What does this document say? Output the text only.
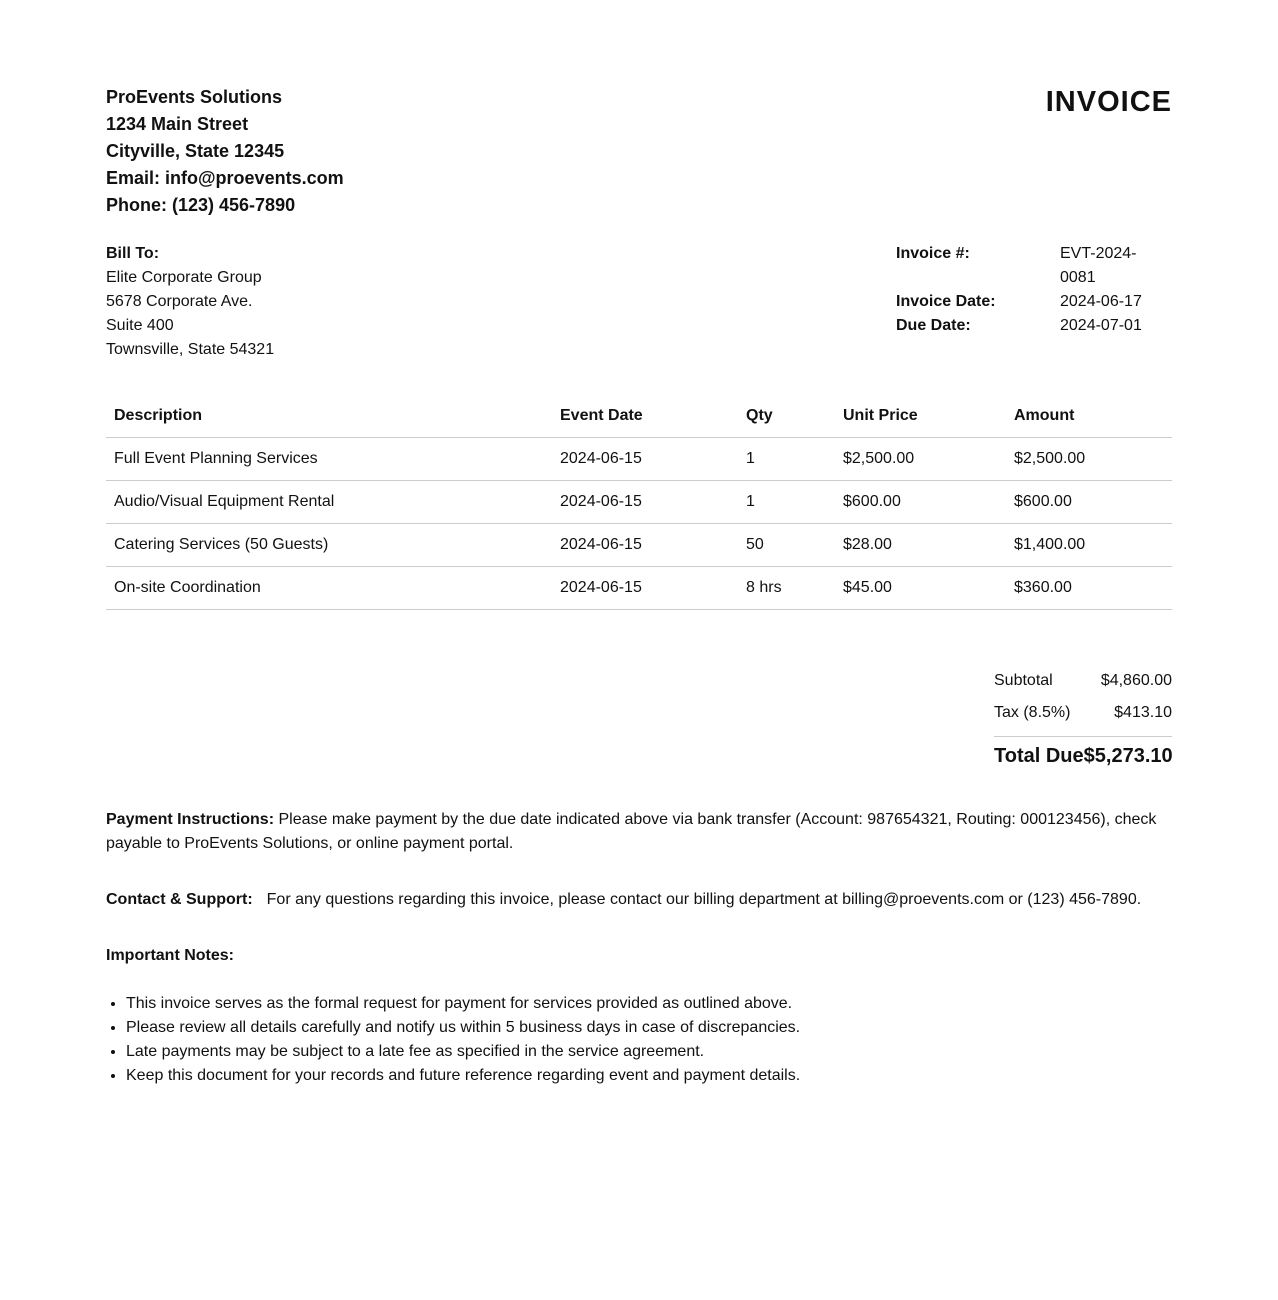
ProEvents Solutions
1234 Main Street
Cityville, State 12345
Email: info@proevents.com
Phone: (123) 456-7890
INVOICE
Bill To:
Elite Corporate Group
5678 Corporate Ave.
Suite 400
Townsville, State 54321
Invoice #:	EVT-2024-0081
Invoice Date:	2024-06-17
Due Date:	2024-07-01
Description	Event Date	Qty	Unit Price	Amount
Full Event Planning Services	2024-06-15	1	$2,500.00	$2,500.00
Audio/Visual Equipment Rental	2024-06-15	1	$600.00	$600.00
Catering Services (50 Guests)	2024-06-15	50	$28.00	$1,400.00
On-site Coordination	2024-06-15	8 hrs	$45.00	$360.00
Subtotal	$4,860.00
Tax (8.5%)	$413.10
Total Due $5,273.10
Payment Instructions: Please make payment by the due date indicated above via bank transfer (Account: 987654321, Routing: 000123456), check payable to ProEvents Solutions, or online payment portal.
Contact & Support: For any questions regarding this invoice, please contact our billing department at billing@proevents.com or (123) 456-7890.
Important Notes:
• This invoice serves as the formal request for payment for services provided as outlined above.
• Please review all details carefully and notify us within 5 business days in case of discrepancies.
• Late payments may be subject to a late fee as specified in the service agreement.
• Keep this document for your records and future reference regarding event and payment details.
